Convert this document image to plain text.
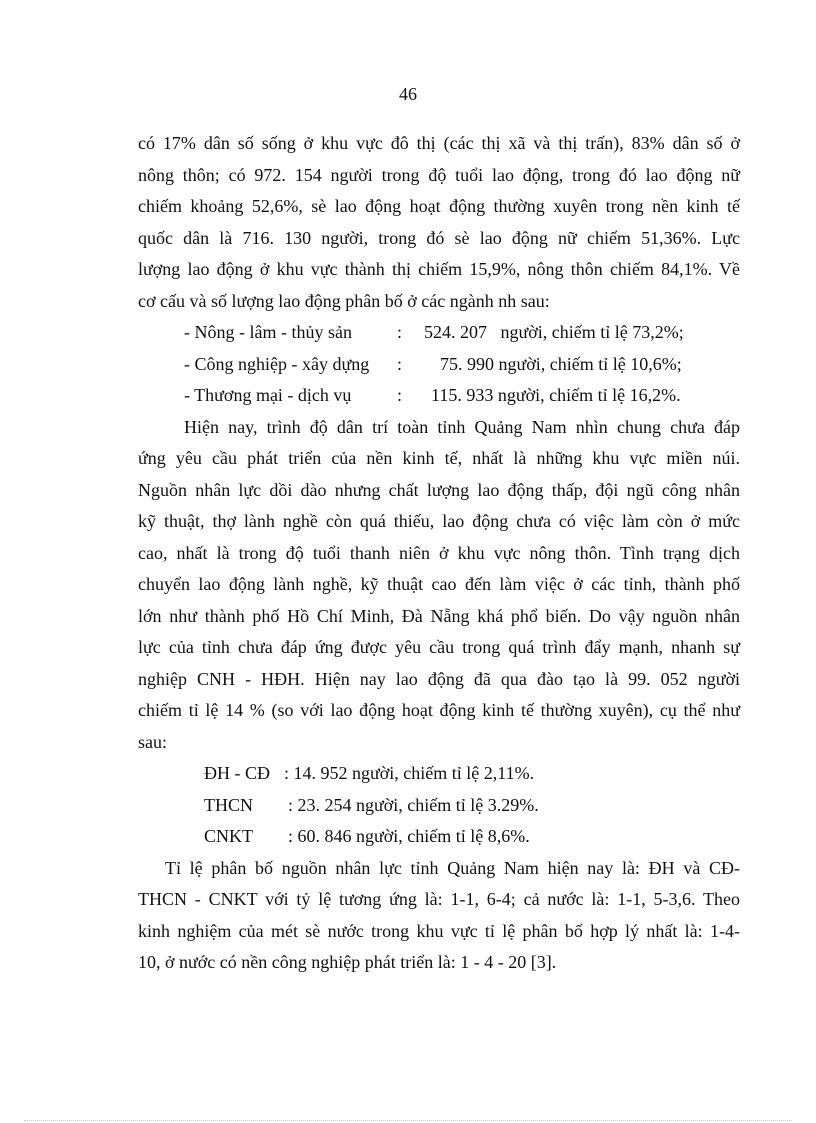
46
có 17% dân số sống ở khu vực đô thị (các thị xã và thị trấn), 83% dân số ở
nông thôn; có 972. 154 người trong độ tuổi lao động, trong đó lao động nữ
chiếm khoảng 52,6%, sè lao động hoạt động thường xuyên trong nền kinh tế
quốc dân là 716. 130 người, trong đó sè lao động nữ chiếm 51,36%. Lực
lượng lao động ở khu vực thành thị chiếm 15,9%, nông thôn chiếm 84,1%. Về
cơ cấu và số lượng lao động phân bố ở các ngành nh sau:
- Nông - lâm - thủy sản	: 524. 207   người, chiếm tỉ lệ 73,2%;
- Công nghiệp - xây dựng : 75. 990 người, chiếm tỉ lệ 10,6%;
- Thương mại - dịch vụ	: 115. 933 người, chiếm tỉ lệ 16,2%.
Hiện nay, trình độ dân trí toàn tỉnh Quảng Nam nhìn chung chưa đáp
ứng yêu cầu phát triển của nền kinh tế, nhất là những khu vực miền núi.
Nguồn nhân lực dồi dào nhưng chất lượng lao động thấp, đội ngũ công nhân
kỹ thuật, thợ lành nghề còn quá thiếu, lao động chưa có việc làm còn ở mức
cao, nhất là trong độ tuổi thanh niên ở khu vực nông thôn. Tình trạng dịch
chuyển lao động lành nghề, kỹ thuật cao đến làm việc ở các tỉnh, thành phố
lớn như thành phố Hồ Chí Minh, Đà Nẵng khá phổ biến. Do vậy nguồn nhân
lực của tỉnh chưa đáp ứng được yêu cầu trong quá trình đẩy mạnh, nhanh sự
nghiệp CNH - HĐH. Hiện nay lao động đã qua đào tạo là 99. 052 người
chiếm tỉ lệ 14 % (so với lao động hoạt động kinh tế thường xuyên), cụ thể như
sau:
ĐH - CĐ : 14. 952 người, chiếm tỉ lệ 2,11%.
THCN : 23. 254 người, chiếm tỉ lệ 3.29%.
CNKT : 60. 846 người, chiếm tỉ lệ 8,6%.
Tỉ lệ phân bố nguồn nhân lực tỉnh Quảng Nam hiện nay là: ĐH và CĐ-
THCN - CNKT với tỷ lệ tương ứng là: 1-1, 6-4; cả nước là: 1-1, 5-3,6. Theo
kinh nghiệm của mét sè nước trong khu vực tỉ lệ phân bố hợp lý nhất là: 1-4-
10, ở nước có nền công nghiệp phát triển là: 1 - 4 - 20 [3].
